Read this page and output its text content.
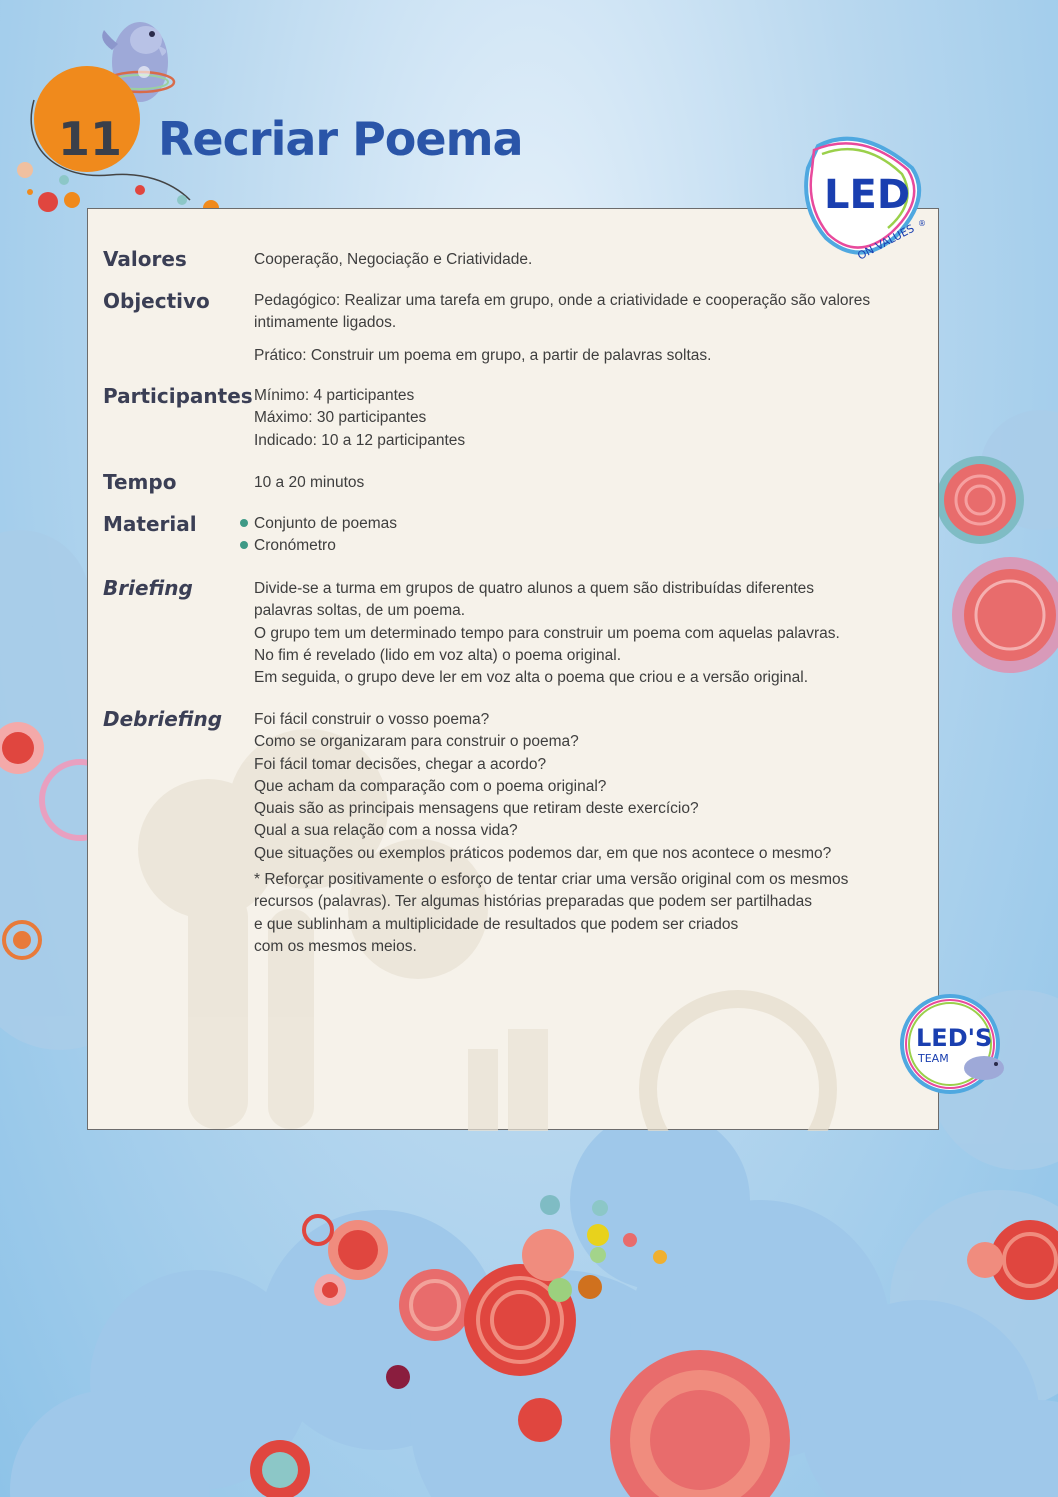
11 Recriar Poema
Valores	Cooperação, Negociação e Criatividade.
Objectivo	Pedagógico: Realizar uma tarefa em grupo, onde a criatividade e cooperação são valores
intimamente ligados.
Prático: Construir um poema em grupo, a partir de palavras soltas.
Participantes Mínimo: 4 participantes
Máximo: 30 participantes
Indicado: 10 a 12 participantes
Tempo	10 a 20 minutos
Material	Conjunto de poemas
Cronómetro
Briefing	Divide-se a turma em grupos de quatro alunos a quem são distribuídas diferentes
palavras soltas, de um poema.
O grupo tem um determinado tempo para construir um poema com aquelas palavras.
No fim é revelado (lido em voz alta) o poema original.
Em seguida, o grupo deve ler em voz alta o poema que criou e a versão original.
Debriefing Foi fácil construir o vosso poema?
Como se organizaram para construir o poema?
Foi fácil tomar decisões, chegar a acordo?
Que acham da comparação com o poema original?
Quais são as principais mensagens que retiram deste exercício?
Qual a sua relação com a nossa vida?
Que situações ou exemplos práticos podemos dar, em que nos acontece o mesmo?
* Reforçar positivamente o esforço de tentar criar uma versão original com os mesmos
recursos (palavras). Ter algumas histórias preparadas que podem ser partilhadas
e que sublinham a multiplicidade de resultados que podem ser criados
com os mesmos meios.
LED
ON VALUES ®
LED'S
TEAM
